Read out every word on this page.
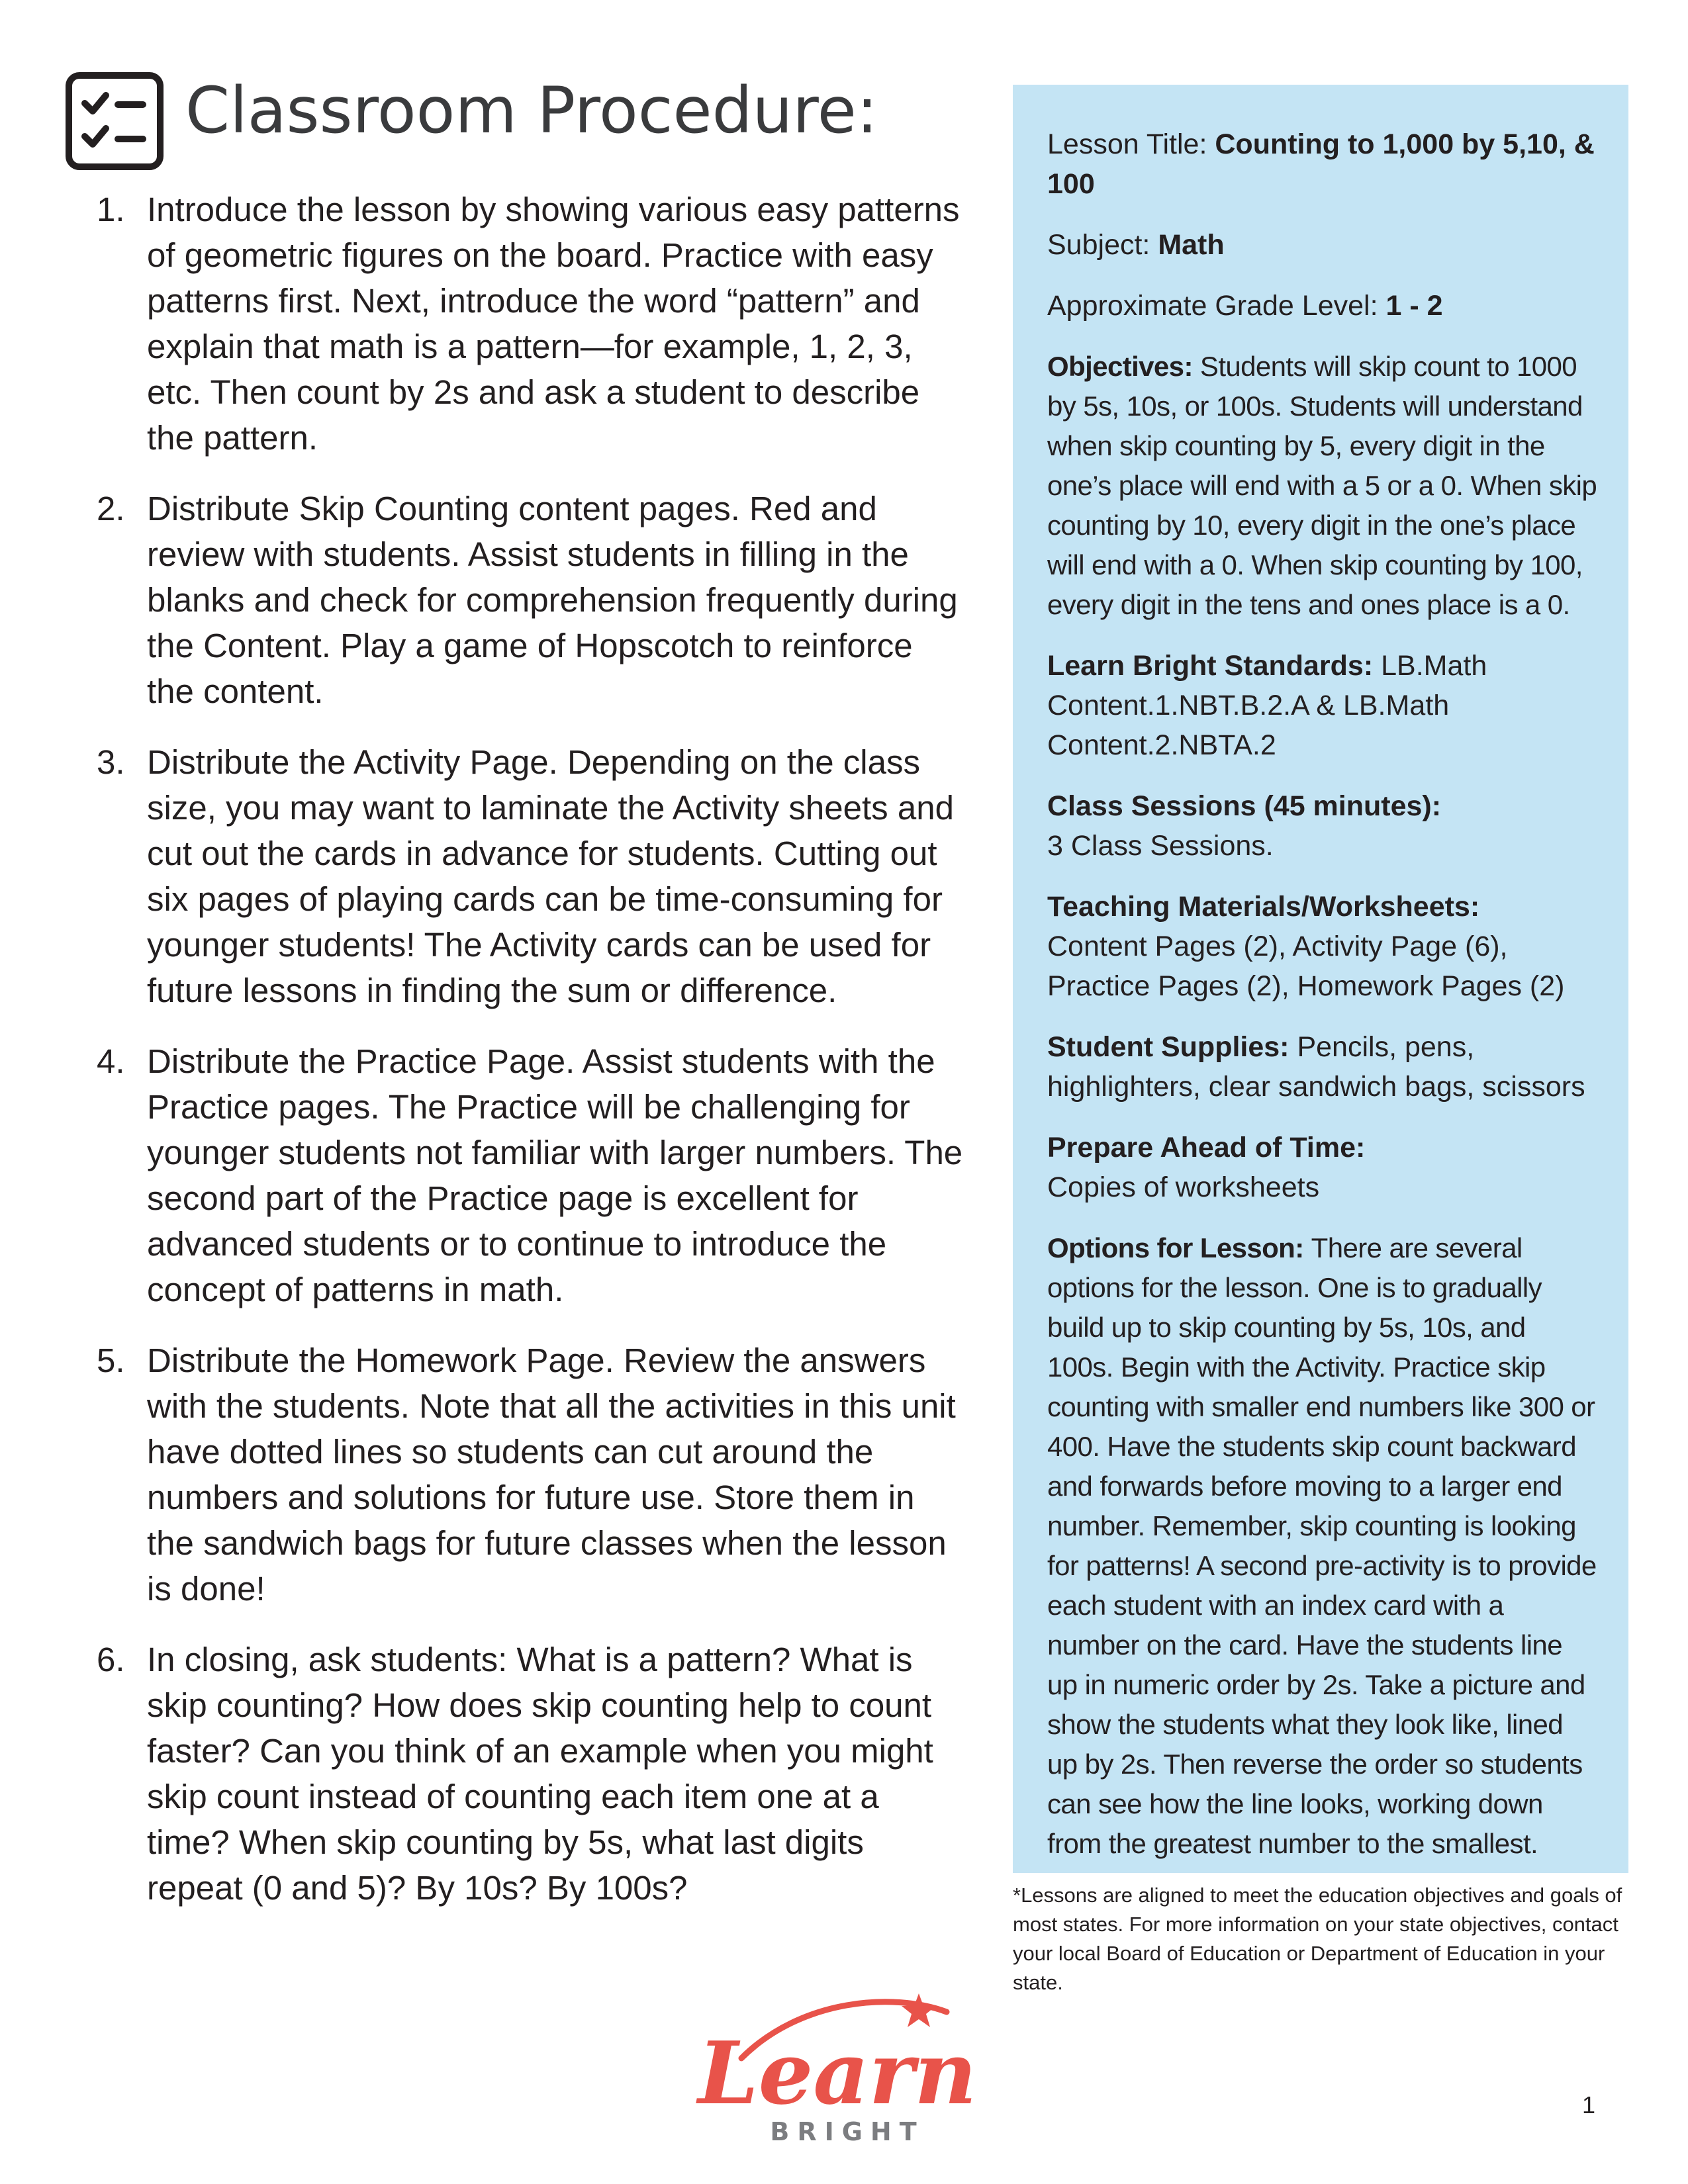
Classroom Procedure:
1. Introduce the lesson by showing various easy patterns of geometric figures on the board. Practice with easy patterns first. Next, introduce the word “pattern” and explain that math is a pattern—for example, 1, 2, 3, etc. Then count by 2s and ask a student to describe the pattern.
2. Distribute Skip Counting content pages. Red and review with students. Assist students in filling in the blanks and check for comprehension frequently during the Content. Play a game of Hopscotch to reinforce the content.
3. Distribute the Activity Page. Depending on the class size, you may want to laminate the Activity sheets and cut out the cards in advance for students. Cutting out six pages of playing cards can be time-consuming for younger students! The Activity cards can be used for future lessons in finding the sum or difference.
4. Distribute the Practice Page. Assist students with the Practice pages. The Practice will be challenging for younger students not familiar with larger numbers. The second part of the Practice page is excellent for advanced students or to continue to introduce the concept of patterns in math.
5. Distribute the Homework Page. Review the answers with the students. Note that all the activities in this unit have dotted lines so students can cut around the numbers and solutions for future use. Store them in the sandwich bags for future classes when the lesson is done!
6. In closing, ask students: What is a pattern? What is skip counting? How does skip counting help to count faster? Can you think of an example when you might skip count instead of counting each item one at a time? When skip counting by 5s, what last digits repeat (0 and 5)? By 10s? By 100s?

Lesson Title: Counting to 1,000 by 5,10, & 100

Subject: Math

Approximate Grade Level: 1 - 2

Objectives: Students will skip count to 1000 by 5s, 10s, or 100s. Students will understand when skip counting by 5, every digit in the one’s place will end with a 5 or a 0. When skip counting by 10, every digit in the one’s place will end with a 0. When skip counting by 100, every digit in the tens and ones place is a 0.

Learn Bright Standards: LB.Math Content.1.NBT.B.2.A & LB.Math Content.2.NBTA.2

Class Sessions (45 minutes):
3 Class Sessions.

Teaching Materials/Worksheets:
Content Pages (2), Activity Page (6), Practice Pages (2), Homework Pages (2)

Student Supplies: Pencils, pens, highlighters, clear sandwich bags, scissors

Prepare Ahead of Time:
Copies of worksheets

Options for Lesson: There are several options for the lesson. One is to gradually build up to skip counting by 5s, 10s, and 100s. Begin with the Activity. Practice skip counting with smaller end numbers like 300 or 400. Have the students skip count backward and forwards before moving to a larger end number. Remember, skip counting is looking for patterns! A second pre-activity is to provide each student with an index card with a number on the card. Have the students line up in numeric order by 2s. Take a picture and show the students what they look like, lined up by 2s. Then reverse the order so students can see how the line looks, working down from the greatest number to the smallest.

*Lessons are aligned to meet the education objectives and goals of most states. For more information on your state objectives, contact your local Board of Education or Department of Education in your state.

Learn
BRIGHT
1
